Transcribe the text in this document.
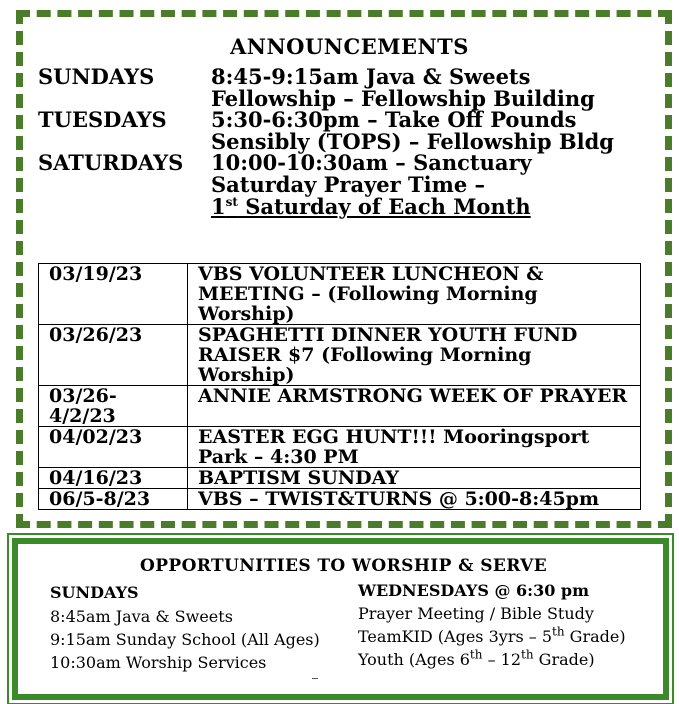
ANNOUNCEMENTS
SUNDAYS	8:45-9:15am Java & Sweets
Fellowship – Fellowship Building
TUESDAYS 5:30-6:30pm – Take Off Pounds
Sensibly (TOPS) – Fellowship Bldg
SATURDAYS 10:00-10:30am – Sanctuary
Saturday Prayer Time –
1st Saturday of Each Month
03/19/23	VBS VOLUNTEER LUNCHEON & MEETING – (Following Morning Worship)
03/26/23	SPAGHETTI DINNER YOUTH FUND RAISER $7 (Following Morning Worship)
03/26-4/2/23	ANNIE ARMSTRONG WEEK OF PRAYER
04/02/23	EASTER EGG HUNT!!! Mooringsport Park – 4:30 PM
04/16/23	BAPTISM SUNDAY
06/5-8/23	VBS – TWIST&TURNS @ 5:00-8:45pm
OPPORTUNITIES TO WORSHIP & SERVE
SUNDAYS
8:45am Java & Sweets
9:15am Sunday School (All Ages)
10:30am Worship Services
WEDNESDAYS @ 6:30 pm
Prayer Meeting / Bible Study
TeamKID (Ages 3yrs – 5th Grade)
Youth (Ages 6th – 12th Grade)
